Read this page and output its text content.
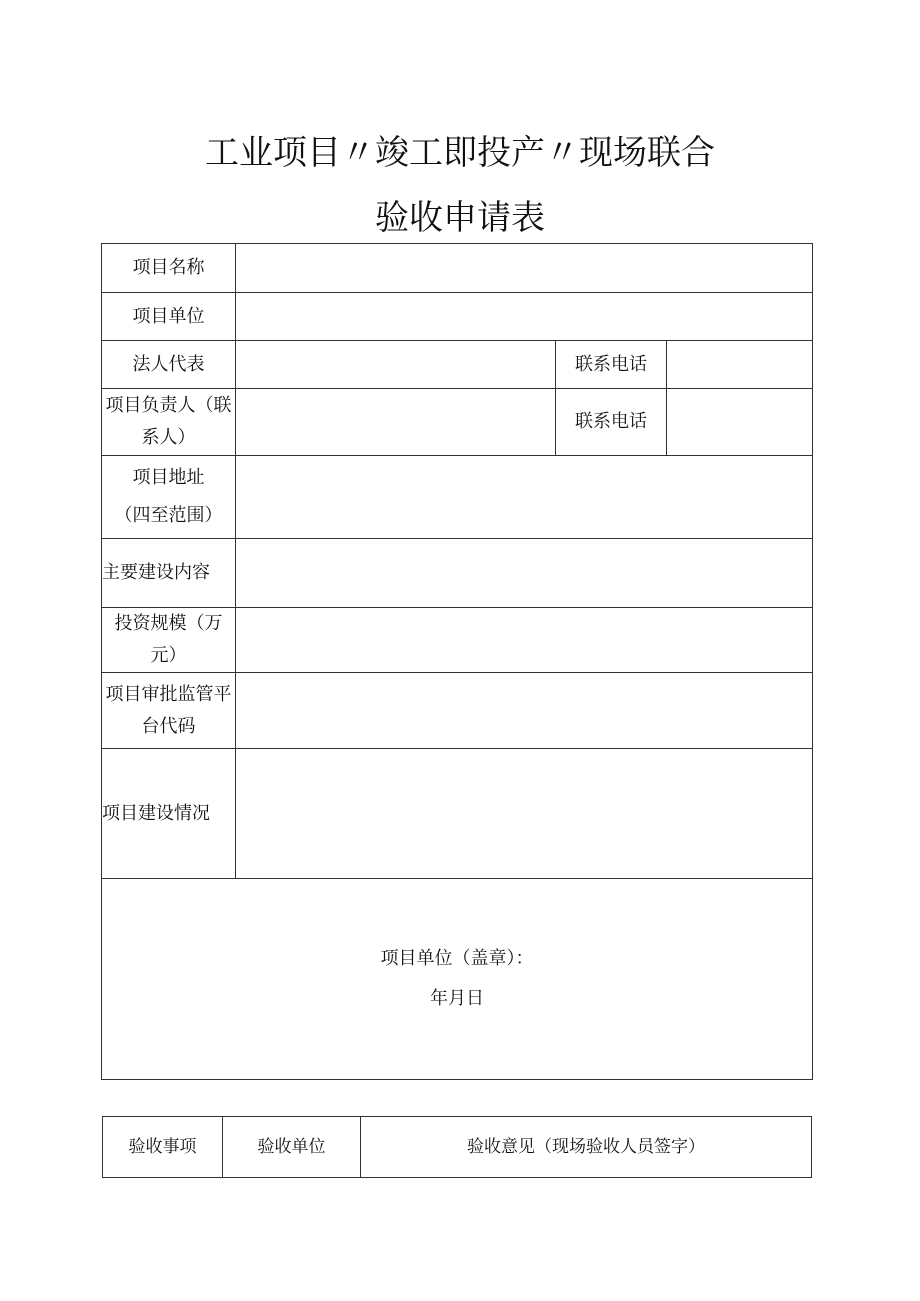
工业项目〃竣工即投产〃现场联合
验收申请表
项目名称			
项目单位			
法人代表		联系电话	
项目负责人（联系人）		联系电话	

项目地址
（四至范围）			

主要建设内容			
投资规模（万元）			
项目审批监管平台代码			
项目建设情况			

项目单位（盖章）：
年月日			
验收事项	验收单位	验收意见（现场验收人员签字）
